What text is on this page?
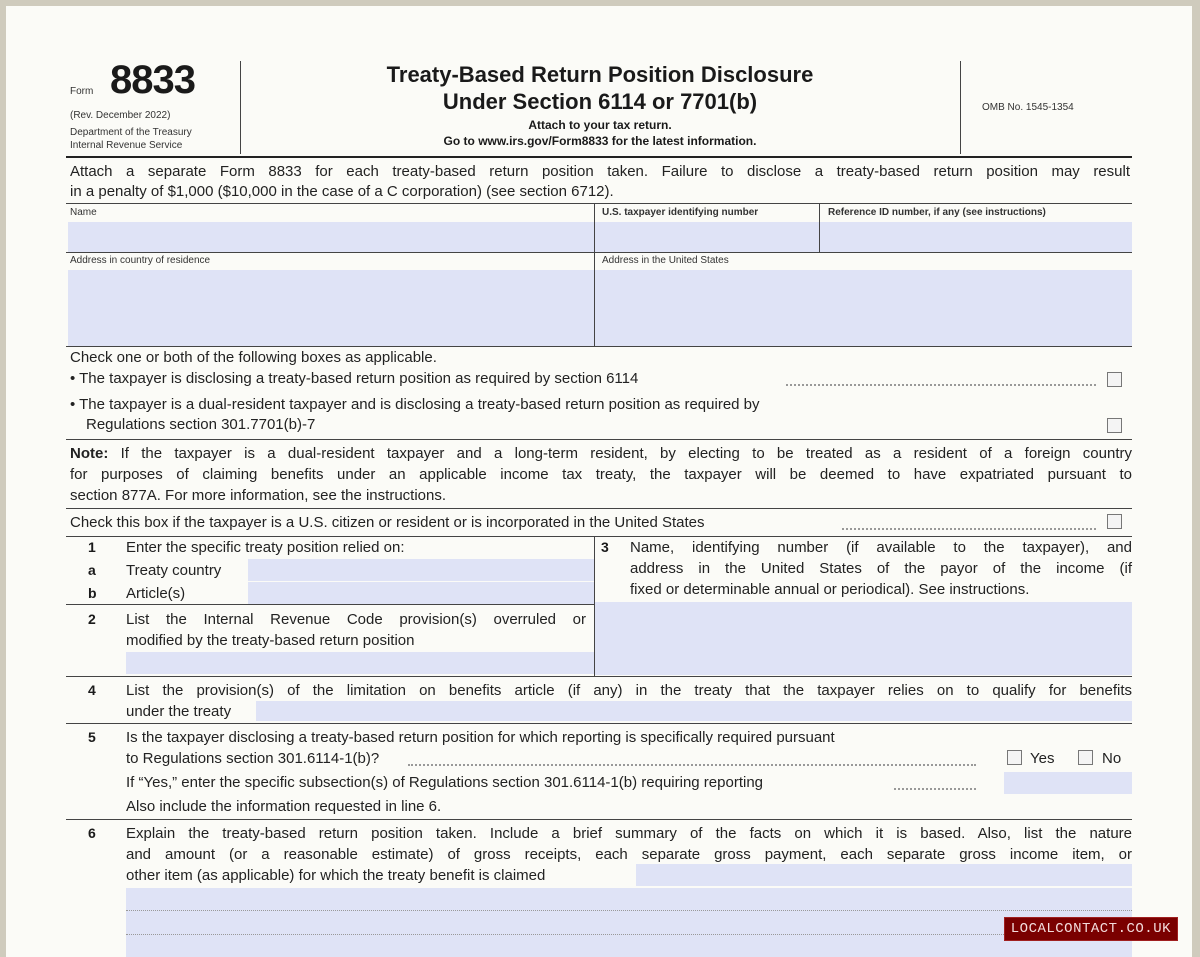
Form 8833
(Rev. December 2022)
Department of the Treasury
Internal Revenue Service
Treaty-Based Return Position Disclosure
Under Section 6114 or 7701(b)
Attach to your tax return.
Go to www.irs.gov/Form8833 for the latest information.
OMB No. 1545-1354
Attach a separate Form 8833 for each treaty-based return position taken. Failure to disclose a treaty-based return position may result
in a penalty of $1,000 ($10,000 in the case of a C corporation) (see section 6712).
Name	U.S. taxpayer identifying number	Reference ID number, if any (see instructions)
Address in country of residence	Address in the United States
Check one or both of the following boxes as applicable.
• The taxpayer is disclosing a treaty-based return position as required by section 6114
• The taxpayer is a dual-resident taxpayer and is disclosing a treaty-based return position as required by
Regulations section 301.7701(b)-7
Note: If the taxpayer is a dual-resident taxpayer and a long-term resident, by electing to be treated as a resident of a foreign country
for purposes of claiming benefits under an applicable income tax treaty, the taxpayer will be deemed to have expatriated pursuant to
section 877A. For more information, see the instructions.
Check this box if the taxpayer is a U.S. citizen or resident or is incorporated in the United States
1 Enter the specific treaty position relied on:
a Treaty country
b Article(s)
2 List the Internal Revenue Code provision(s) overruled or
modified by the treaty-based return position
3 Name, identifying number (if available to the taxpayer), and
address in the United States of the payor of the income (if
fixed or determinable annual or periodical). See instructions.
4 List the provision(s) of the limitation on benefits article (if any) in the treaty that the taxpayer relies on to qualify for benefits
under the treaty
5 Is the taxpayer disclosing a treaty-based return position for which reporting is specifically required pursuant
to Regulations section 301.6114-1(b)?	Yes	No
If “Yes,” enter the specific subsection(s) of Regulations section 301.6114-1(b) requiring reporting
Also include the information requested in line 6.
6 Explain the treaty-based return position taken. Include a brief summary of the facts on which it is based. Also, list the nature
and amount (or a reasonable estimate) of gross receipts, each separate gross payment, each separate gross income item, or
other item (as applicable) for which the treaty benefit is claimed
LOCALCONTACT.CO.UK
